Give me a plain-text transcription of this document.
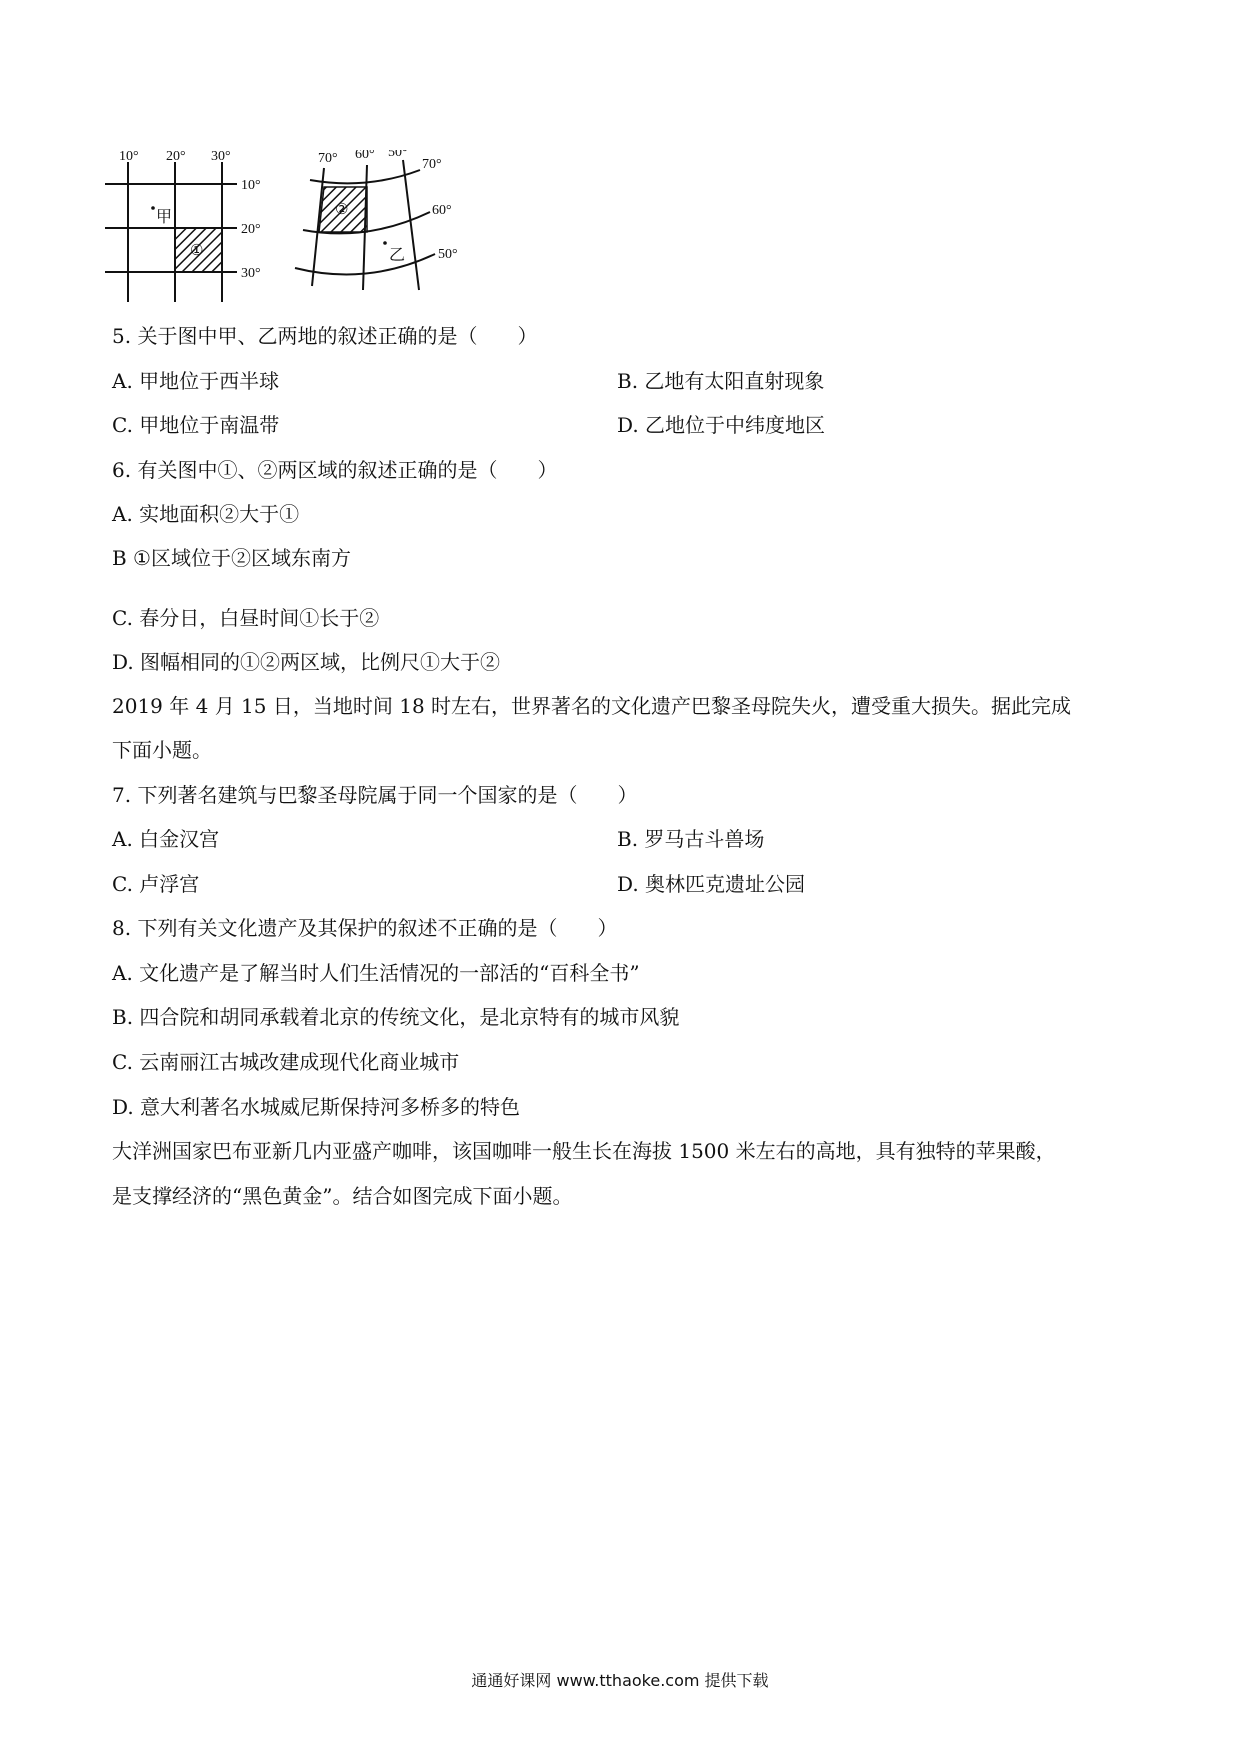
10° 20° 30°
10°
20°
30°
甲
①
70° 60° 50°
70°
60°
50°
乙
②
5. 关于图中甲、乙两地的叙述正确的是（　　）
A. 甲地位于西半球	B. 乙地有太阳直射现象
C. 甲地位于南温带	D. 乙地位于中纬度地区
6. 有关图中①、②两区域的叙述正确的是（　　）
A. 实地面积②大于①
B ①区域位于②区域东南方
C. 春分日，白昼时间①长于②
D. 图幅相同的①②两区域，比例尺①大于②
2019 年 4 月 15 日，当地时间 18 时左右，世界著名的文化遗产巴黎圣母院失火，遭受重大损失。据此完成
下面小题。
7. 下列著名建筑与巴黎圣母院属于同一个国家的是（　　）
A. 白金汉宫	B. 罗马古斗兽场
C. 卢浮宫	D. 奥林匹克遗址公园
8. 下列有关文化遗产及其保护的叙述不正确的是（　　）
A. 文化遗产是了解当时人们生活情况的一部活的“百科全书”
B. 四合院和胡同承载着北京的传统文化，是北京特有的城市风貌
C. 云南丽江古城改建成现代化商业城市
D. 意大利著名水城威尼斯保持河多桥多的特色
大洋洲国家巴布亚新几内亚盛产咖啡，该国咖啡一般生长在海拔 1500 米左右的高地，具有独特的苹果酸，
是支撑经济的“黑色黄金”。结合如图完成下面小题。
通通好课网 www.tthaoke.com 提供下载
